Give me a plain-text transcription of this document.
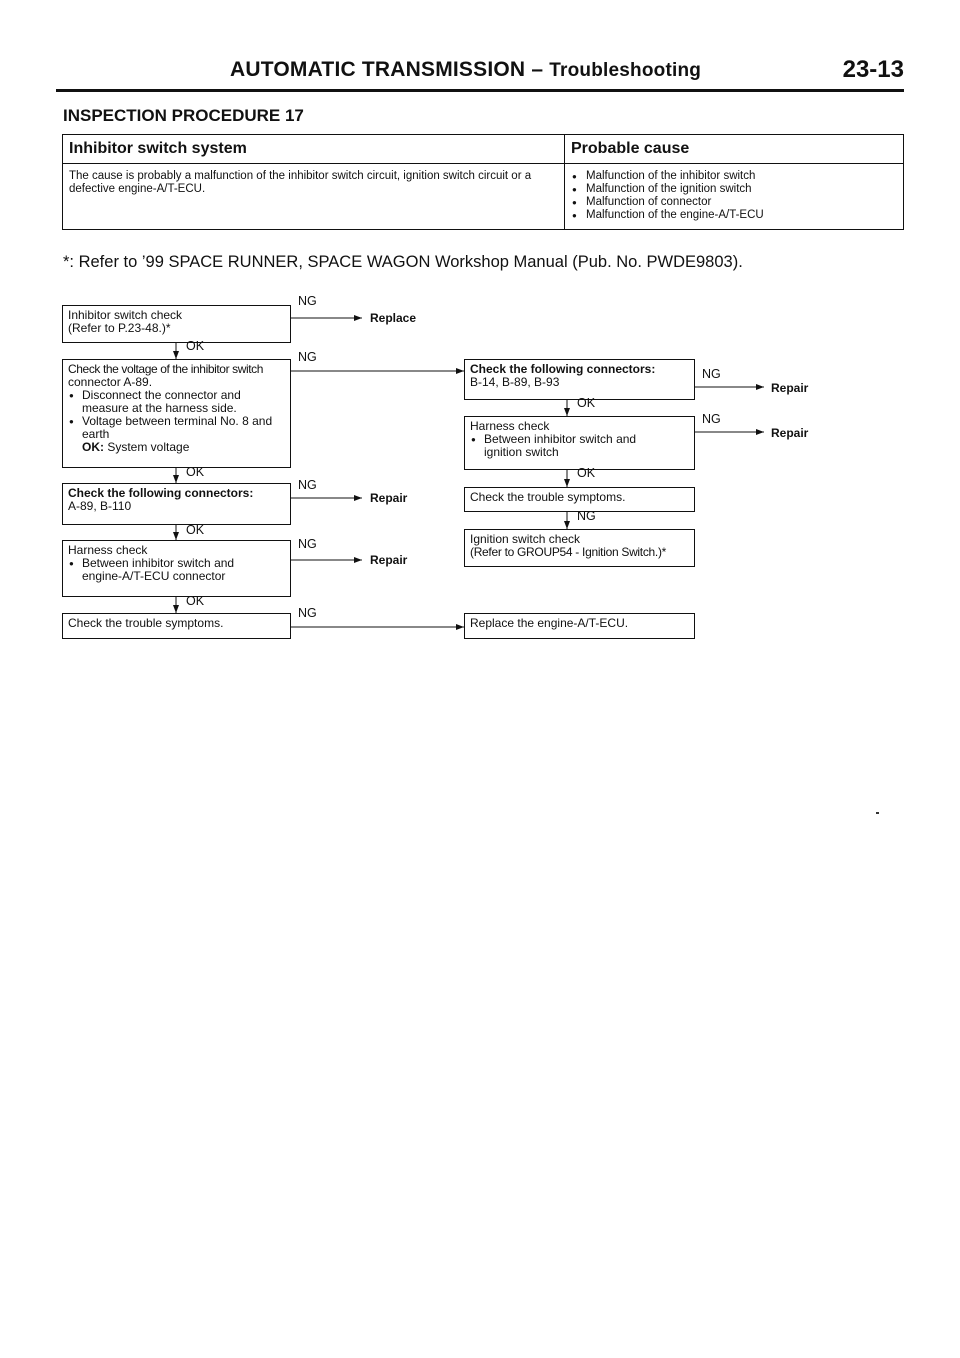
AUTOMATIC TRANSMISSION – Troubleshooting	23-13
INSPECTION PROCEDURE 17
Inhibitor switch system	Probable cause
The cause is probably a malfunction of the inhibitor switch circuit, ignition switch circuit or a defective engine-A/T-ECU.
● Malfunction of the inhibitor switch
● Malfunction of the ignition switch
● Malfunction of connector
● Malfunction of the engine-A/T-ECU
*: Refer to ’99 SPACE RUNNER, SPACE WAGON Workshop Manual (Pub. No. PWDE9803).
Inhibitor switch check
(Refer to P.23-48.)*
Check the voltage of the inhibitor switch
connector A-89.
● Disconnect the connector and
measure at the harness side.
● Voltage between terminal No. 8 and
earth
OK: System voltage
Check the following connectors:
A-89, B-110
Harness check
● Between inhibitor switch and
engine-A/T-ECU connector
Check the trouble symptoms.
Check the following connectors:
B-14, B-89, B-93
Harness check
● Between inhibitor switch and
ignition switch
Check the trouble symptoms.
Ignition switch check
(Refer to GROUP54 - Ignition Switch.)*
Replace the engine-A/T-ECU.
OK
OK
OK
OK
OK
OK
NG
NG
NG
NG
NG
NG
NG
NG
Replace
Repair
Repair
Repair
Repair
